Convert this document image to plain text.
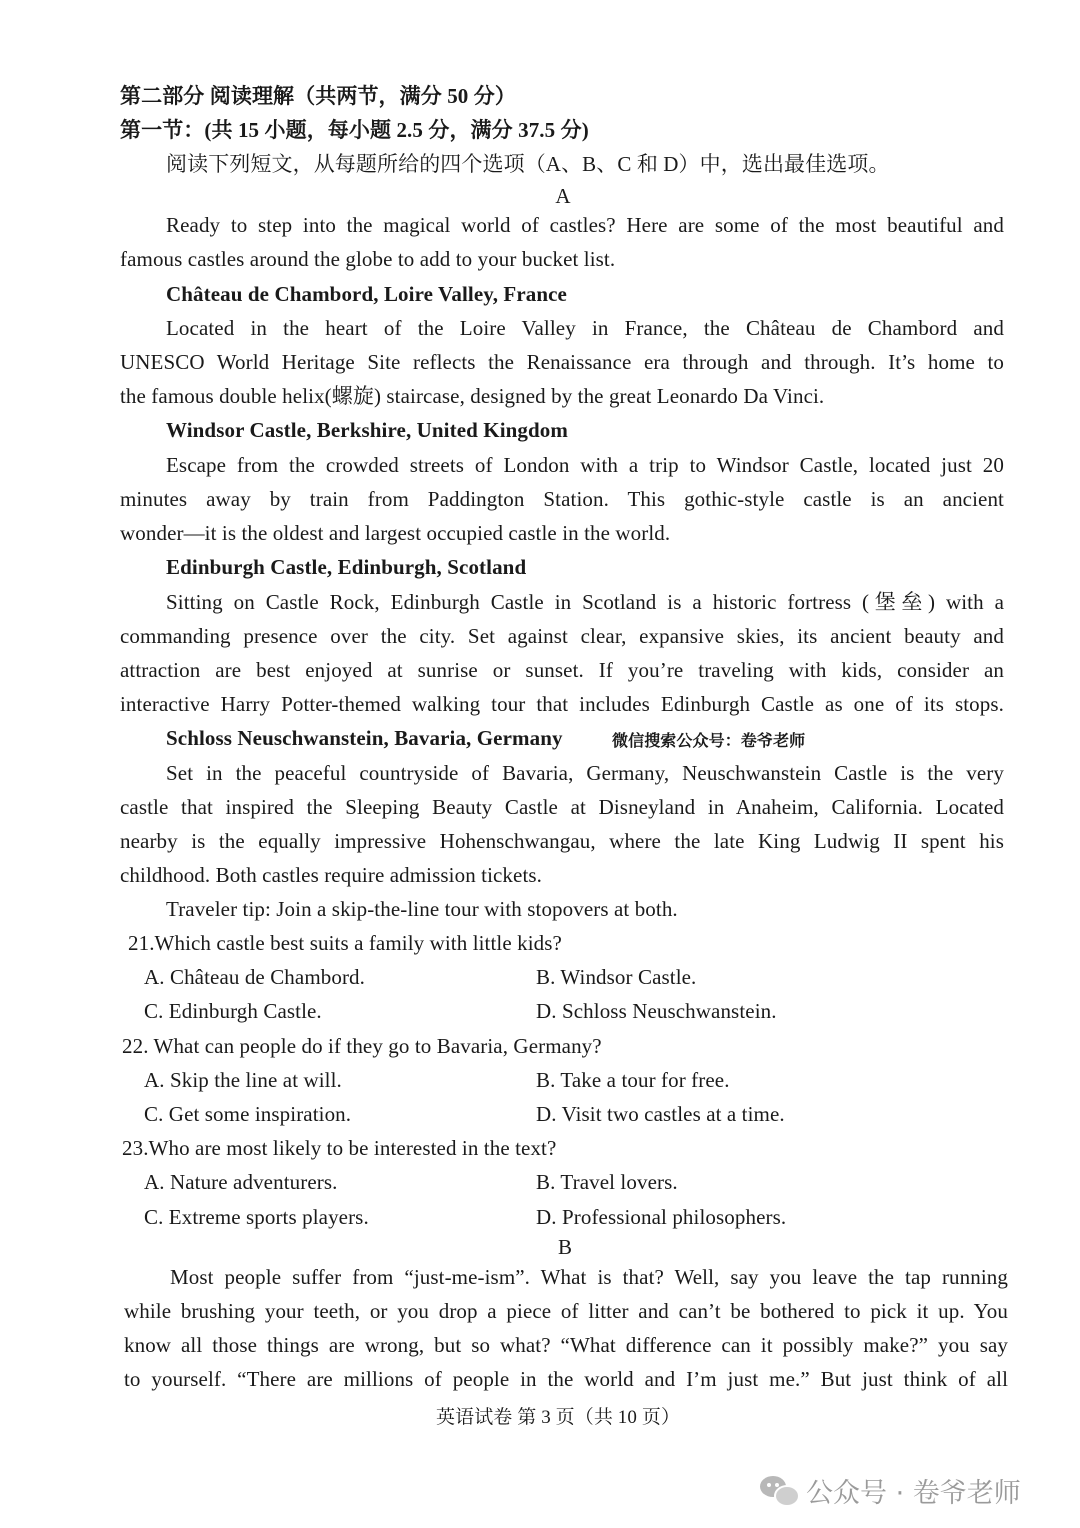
第二部分 阅读理解（共两节，满分 50 分）
第一节：(共 15 小题，每小题 2.5 分，满分 37.5 分)
阅读下列短文，从每题所给的四个选项（A、B、C 和 D）中，选出最佳选项。
A
Ready to step into the magical world of castles? Here are some of the most beautiful and
famous castles around the globe to add to your bucket list.
Château de Chambord, Loire Valley, France
Located in the heart of the Loire Valley in France, the Château de Chambord and
UNESCO World Heritage Site reflects the Renaissance era through and through. It’s home to
the famous double helix(螺旋) staircase, designed by the great Leonardo Da Vinci.
Windsor Castle, Berkshire, United Kingdom
Escape from the crowded streets of London with a trip to Windsor Castle, located just 20
minutes away by train from Paddington Station. This gothic-style castle is an ancient
wonder—it is the oldest and largest occupied castle in the world.
Edinburgh Castle, Edinburgh, Scotland
Sitting on Castle Rock, Edinburgh Castle in Scotland is a historic fortress (堡垒) with a
commanding presence over the city. Set against clear, expansive skies, its ancient beauty and
attraction are best enjoyed at sunrise or sunset. If you’re traveling with kids, consider an
interactive Harry Potter-themed walking tour that includes Edinburgh Castle as one of its stops.
Schloss Neuschwanstein, Bavaria, Germany	微信搜索公众号：卷爷老师
Set in the peaceful countryside of Bavaria, Germany, Neuschwanstein Castle is the very
castle that inspired the Sleeping Beauty Castle at Disneyland in Anaheim, California. Located
nearby is the equally impressive Hohenschwangau, where the late King Ludwig II spent his
childhood. Both castles require admission tickets.
Traveler tip: Join a skip-the-line tour with stopovers at both.
21.Which castle best suits a family with little kids?
A. Château de Chambord.	B. Windsor Castle.
C. Edinburgh Castle.	D. Schloss Neuschwanstein.
22. What can people do if they go to Bavaria, Germany?
A. Skip the line at will.	B. Take a tour for free.
C. Get some inspiration.	D. Visit two castles at a time.
23.Who are most likely to be interested in the text?
A. Nature adventurers.	B. Travel lovers.
C. Extreme sports players.	D. Professional philosophers.
B
Most people suffer from “just-me-ism”. What is that? Well, say you leave the tap running
while brushing your teeth, or you drop a piece of litter and can’t be bothered to pick it up. You
know all those things are wrong, but so what? “What difference can it possibly make?” you say
to yourself. “There are millions of people in the world and I’m just me.” But just think of all
英语试卷 第 3 页（共 10 页）
公众号 · 卷爷老师
